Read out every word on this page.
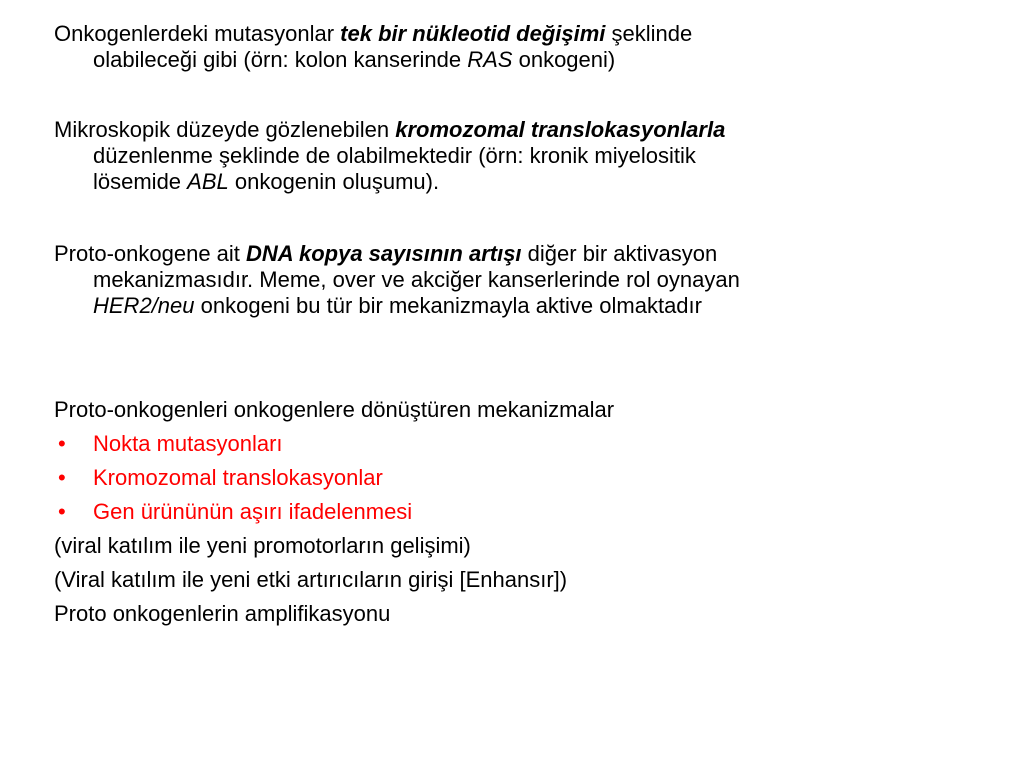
Onkogenlerdeki mutasyonlar tek bir nükleotid değişimi şeklinde
olabileceği gibi (örn: kolon kanserinde RAS onkogeni)
Mikroskopik düzeyde gözlenebilen kromozomal translokasyonlarla
düzenlenme şeklinde de olabilmektedir (örn: kronik miyelositik
lösemide ABL onkogenin oluşumu).
Proto-onkogene ait DNA kopya sayısının artışı diğer bir aktivasyon
mekanizmasıdır. Meme, over ve akciğer kanserlerinde rol oynayan
HER2/neu onkogeni bu tür bir mekanizmayla aktive olmaktadır
Proto-onkogenleri onkogenlere dönüştüren mekanizmalar
• Nokta mutasyonları
• Kromozomal translokasyonlar
• Gen ürününün aşırı ifadelenmesi
(viral katılım ile yeni promotorların gelişimi)
(Viral katılım ile yeni etki artırıcıların girişi [Enhansır])
Proto onkogenlerin amplifikasyonu
